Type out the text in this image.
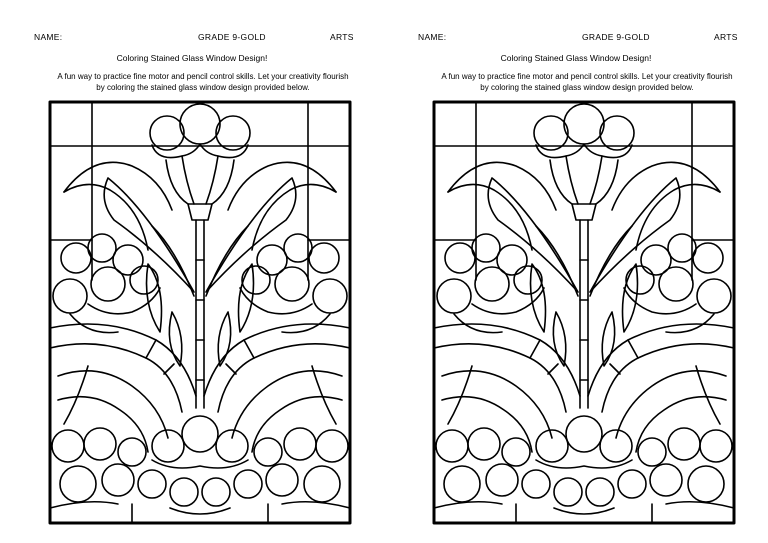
NAME:	GRADE 9-GOLD	ARTS
Coloring Stained Glass Window Design!
A fun way to practice fine motor and pencil control skills. Let your creativity flourish
by coloring the stained glass window design provided below.
NAME:	GRADE 9-GOLD	ARTS
Coloring Stained Glass Window Design!
A fun way to practice fine motor and pencil control skills. Let your creativity flourish
by coloring the stained glass window design provided below.
